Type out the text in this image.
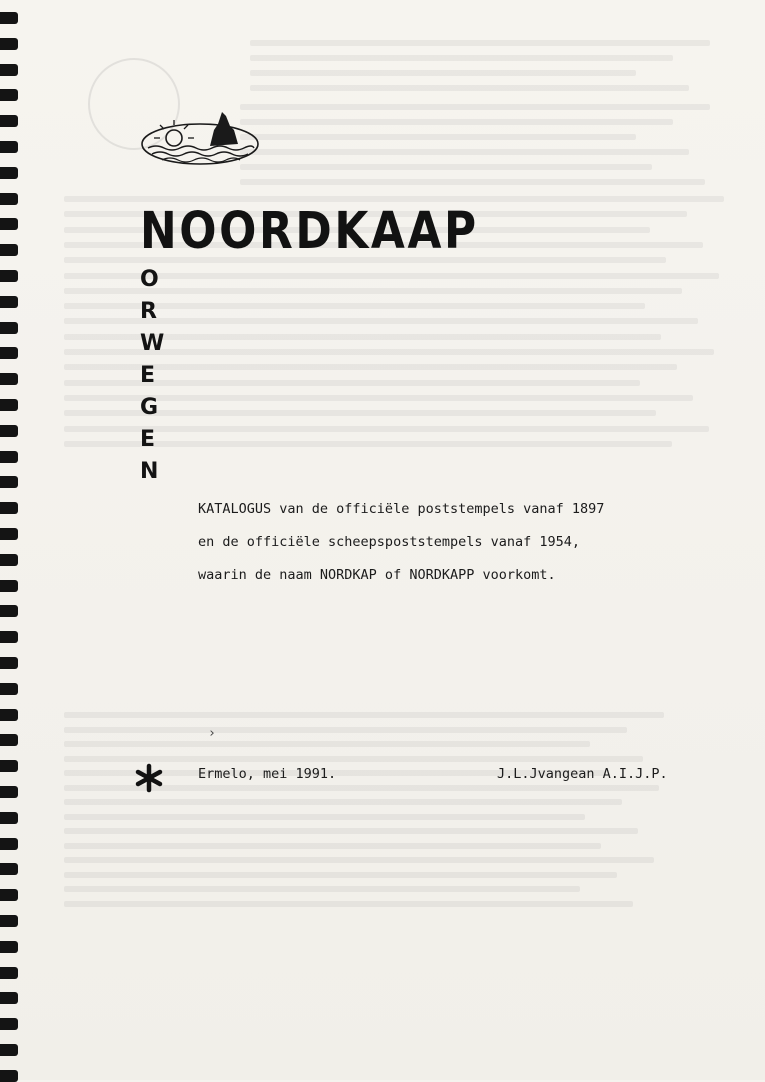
NOORDKAAP
O
R
W
E
G
E
N
KATALOGUS van de officiële poststempels vanaf 1897
en de officiële scheepspoststempels vanaf 1954,
waarin de naam NORDKAP of NORDKAPP voorkomt.
›
Ermelo, mei 1991.	J.L.Jvangean A.I.J.P.
